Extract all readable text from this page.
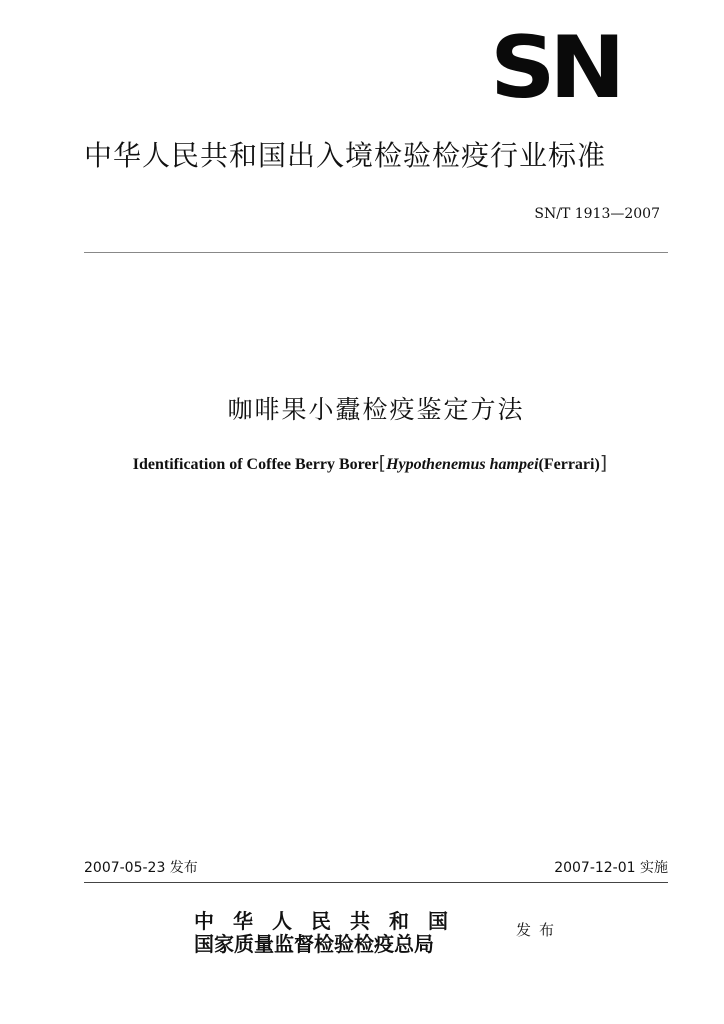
SN
中华人民共和国出入境检验检疫行业标准
SN/T 1913—2007
咖啡果小蠹检疫鉴定方法
Identification of Coffee Berry Borer[Hypothenemus hampei(Ferrari)]
2007-05-23 发布	2007-12-01 实施
中华人民共和国
国家质量监督检验检疫总局
发布
